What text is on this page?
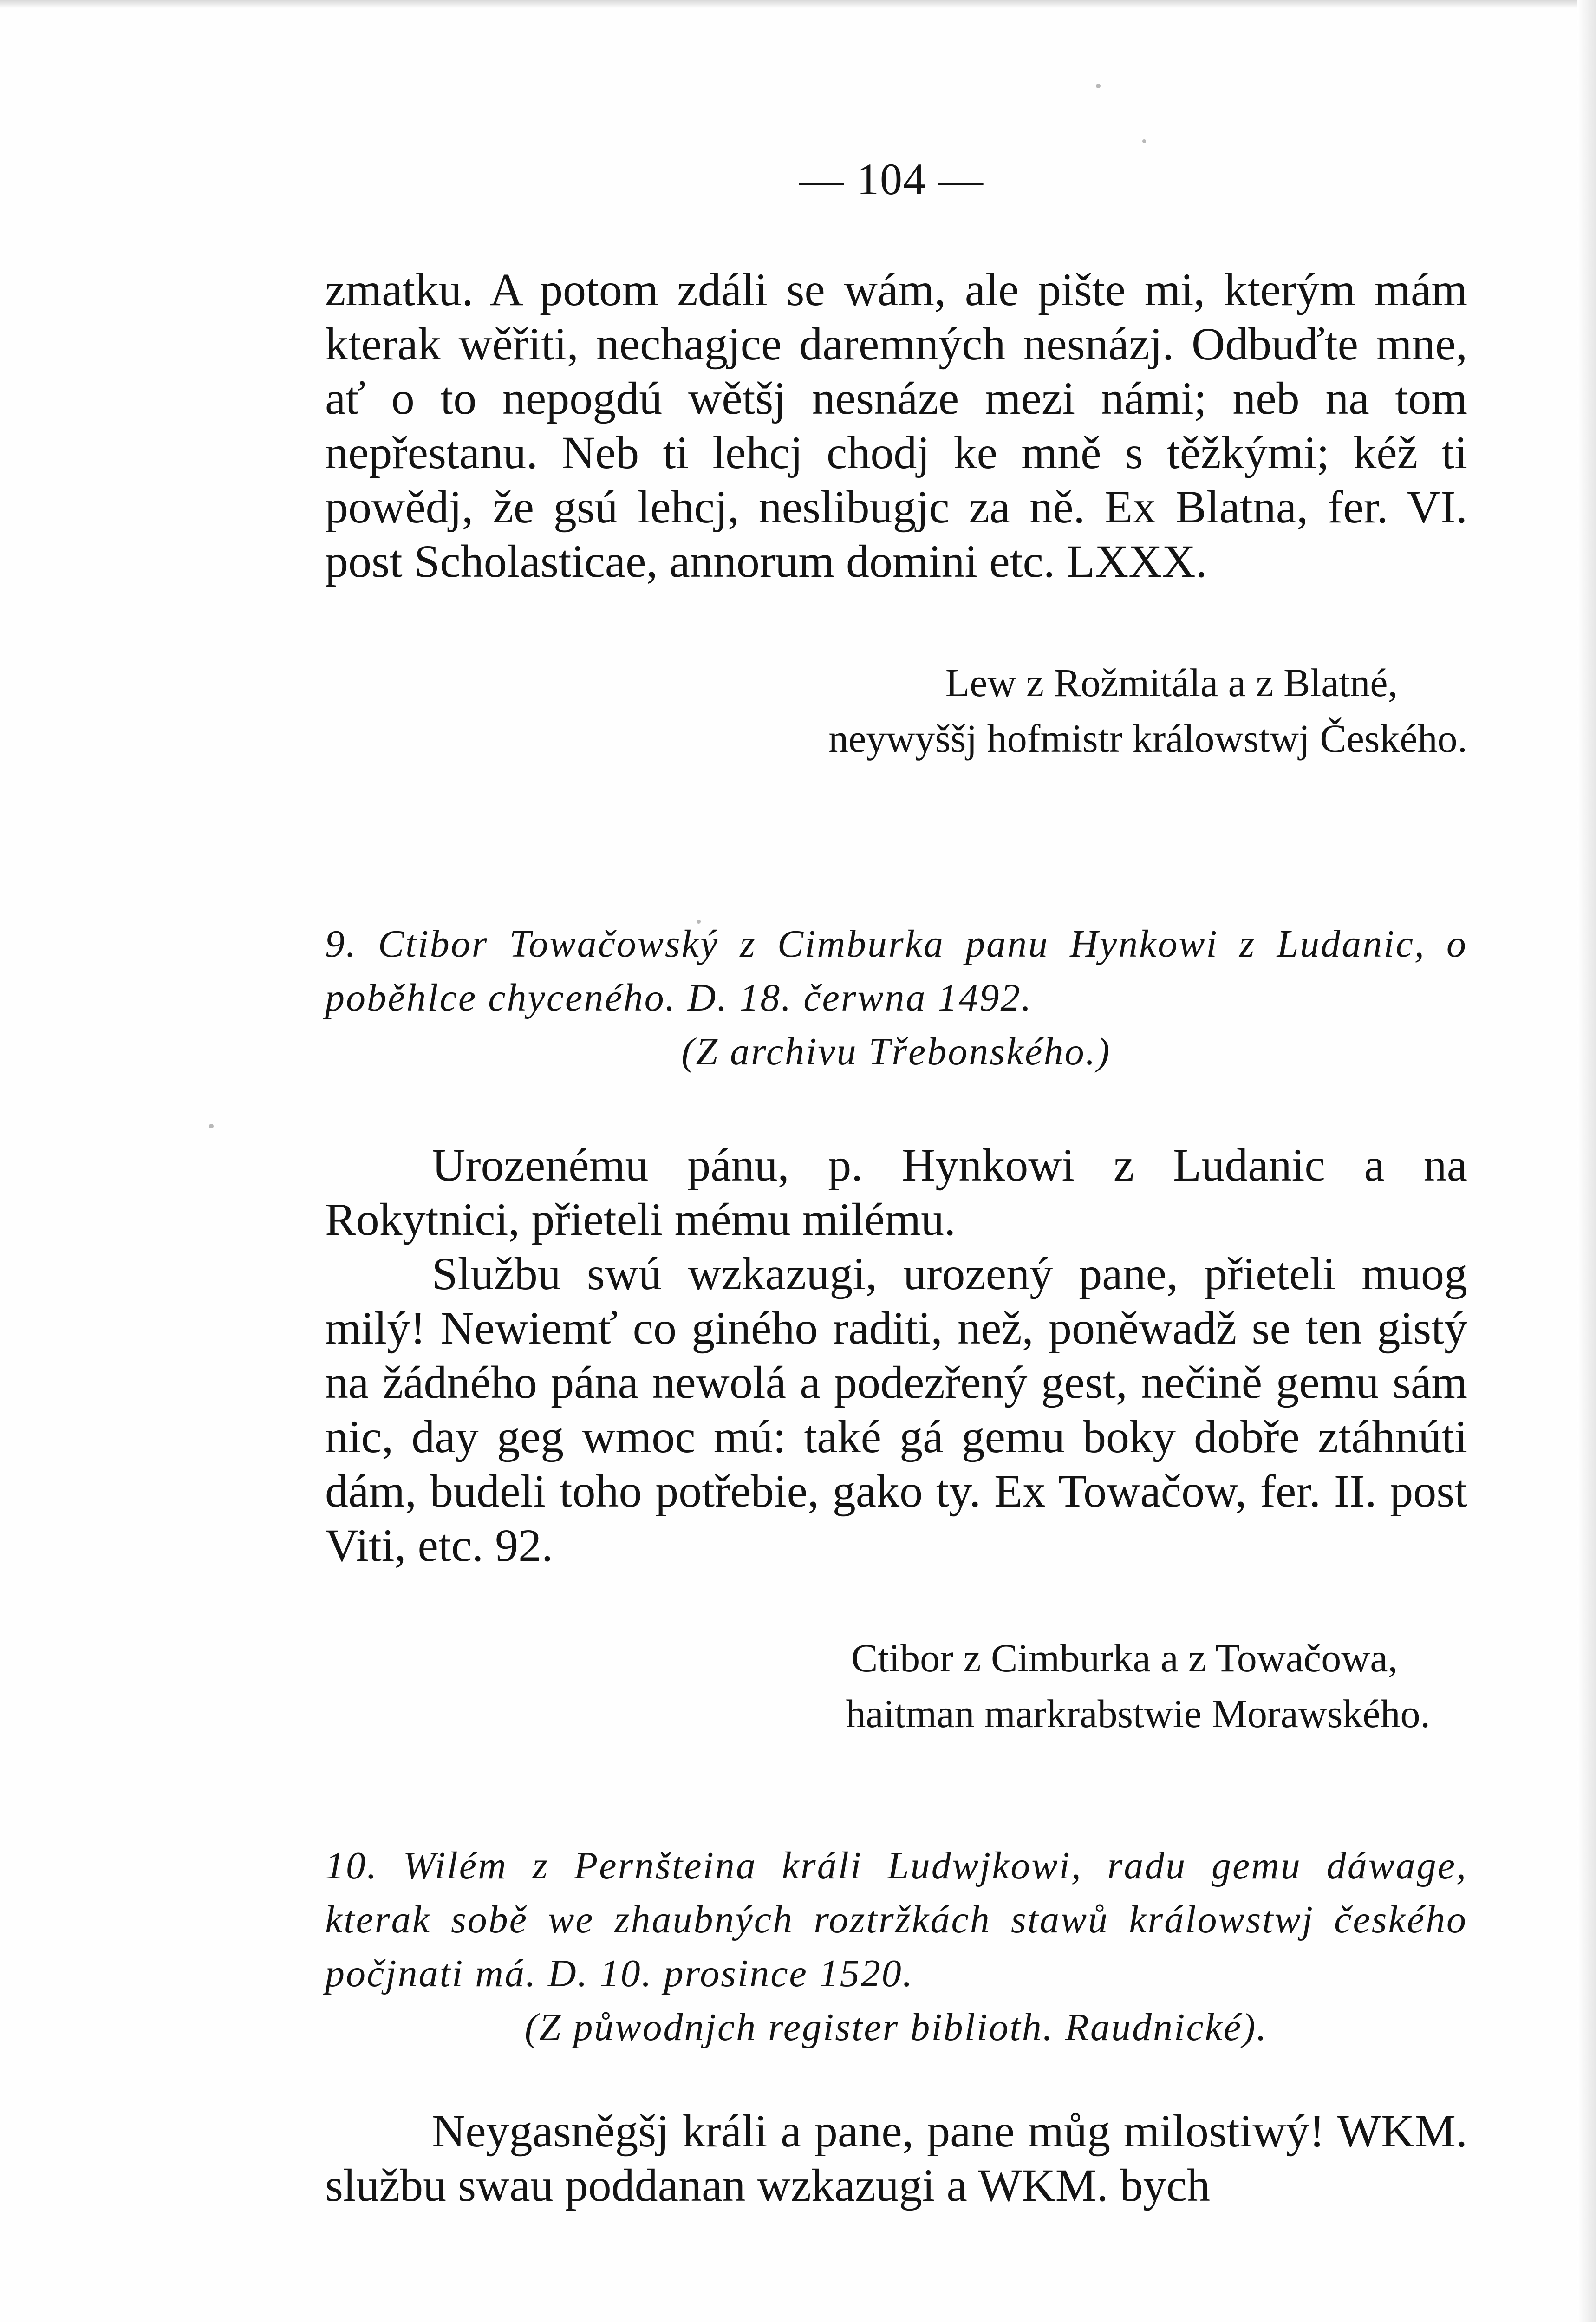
— 104 —

zmatku. A potom zdáli se wám, ale pište mi, kterým mám kterak wěřiti, nechagjce daremných nesnázj. Odbuďte mne, ať o to nepogdú wětšj nesnáze mezi námi; neb na tom nepřestanu. Neb ti lehcj chodj ke mně s těžkými; kéž ti powědj, že gsú lehcj, neslibugjc za ně. Ex Blatna, fer. VI. post Scholasticae, annorum domini etc. LXXX.

Lew z Rožmitála a z Blatné,

neywyššj hofmistr králowstwj Českého.

9. Ctibor Towačowský z Cimburka panu Hynkowi z Ludanic, o poběhlce chyceného. D. 18. čerwna 1492.

(Z archivu Třebonského.)

Urozenému pánu, p. Hynkowi z Ludanic a na Rokytnici, přieteli mému milému.

Službu swú wzkazugi, urozený pane, přieteli muog milý! Newiemť co giného raditi, než, poněwadž se ten gistý na žádného pána newolá a podezřený gest, nečině gemu sám nic, day geg wmoc mú: také gá gemu boky dobře ztáhnúti dám, budeli toho potřebie, gako ty. Ex Towačow, fer. II. post Viti, etc. 92.

Ctibor z Cimburka a z Towačowa,

haitman markrabstwie Morawského.

10. Wilém z Pernšteina králi Ludwjkowi, radu gemu dáwage, kterak sobě we zhaubných roztržkách stawů králowstwj českého počjnati má. D. 10. prosince 1520.

(Z půwodnjch register biblioth. Raudnické).

Neygasněgšj králi a pane, pane můg milostiwý! WKM. službu swau poddanan wzkazugi a WKM. bych
